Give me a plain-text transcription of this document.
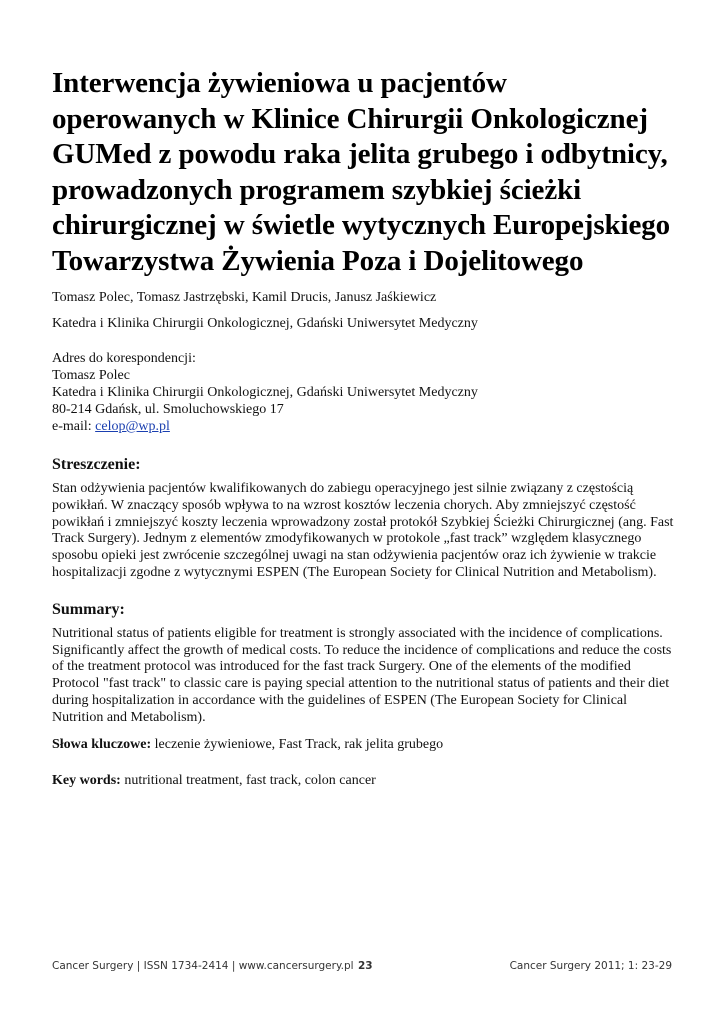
Interwencja żywieniowa u pacjentów operowanych w Klinice Chirurgii Onkologicznej GUMed z powodu raka jelita grubego i odbytnicy, prowadzonych programem szybkiej ścieżki chirurgicznej w świetle wytycznych Europejskiego Towarzystwa Żywienia Poza i Dojelitowego
Tomasz Polec, Tomasz Jastrzębski, Kamil Drucis, Janusz Jaśkiewicz
Katedra i Klinika Chirurgii Onkologicznej, Gdański Uniwersytet Medyczny
Adres do korespondencji:
Tomasz Polec
Katedra i Klinika Chirurgii Onkologicznej, Gdański Uniwersytet Medyczny
80-214 Gdańsk, ul. Smoluchowskiego 17
e-mail: celop@wp.pl
Streszczenie:

Stan odżywienia pacjentów kwalifikowanych do zabiegu operacyjnego jest silnie związany z częstością powikłań. W znaczący sposób wpływa to na wzrost kosztów leczenia chorych. Aby zmniejszyć częstość powikłań i zmniejszyć koszty leczenia wprowadzony został protokół Szybkiej Ścieżki Chirurgicznej (ang. Fast Track Surgery). Jednym z elementów zmodyfikowanych w protokole „fast track” względem klasycznego sposobu opieki jest zwrócenie szczególnej uwagi na stan odżywienia pacjentów oraz ich żywienie w trakcie hospitalizacji zgodne z wytycznymi ESPEN (The European Society for Clinical Nutrition and Metabolism).

Summary:

Nutritional status of patients eligible for treatment is strongly associated with the incidence of complications. Significantly affect the growth of medical costs. To reduce the incidence of complications and reduce the costs of the treatment protocol was introduced for the fast track Surgery. One of the elements of the modified Protocol "fast track" to classic care is paying special attention to the nutritional status of patients and their diet during hospitalization in accordance with the guidelines of ESPEN (The European Society for Clinical Nutrition and Metabolism).

Słowa kluczowe: leczenie żywieniowe, Fast Track, rak jelita grubego
Key words: nutritional treatment, fast track, colon cancer
Cancer Surgery | ISSN 1734-2414 | www.cancersurgery.pl 23	Cancer Surgery 2011; 1: 23-29
